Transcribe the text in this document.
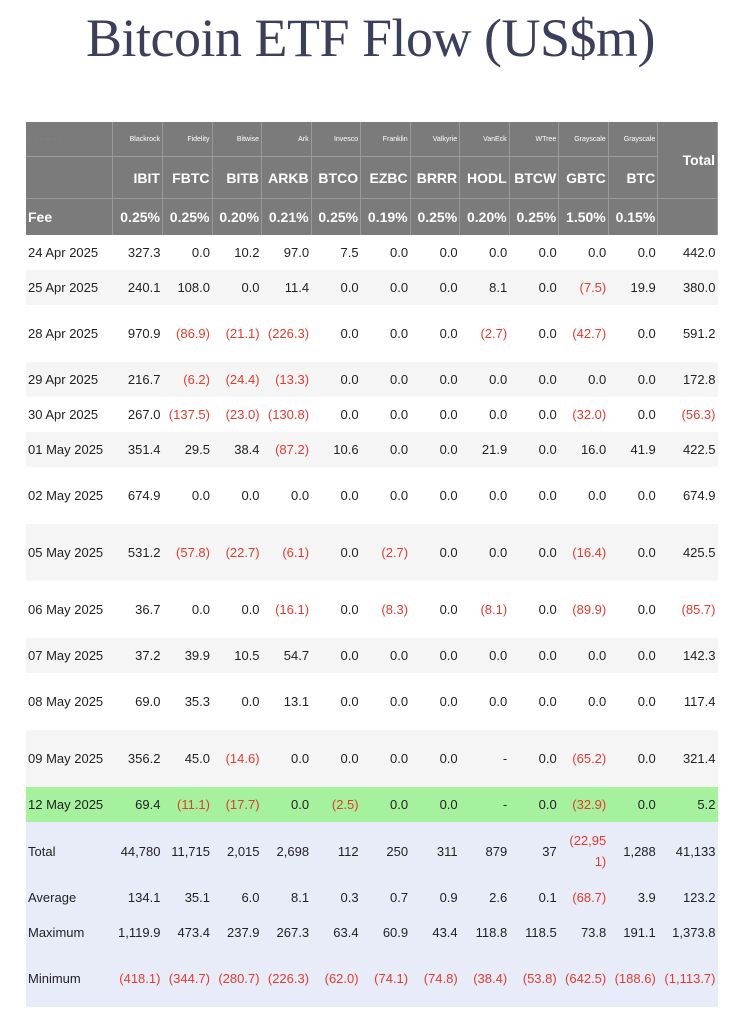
Bitcoin ETF Flow (US$m)
· · · · · ·	Blackrock	Fidelity	Bitwise	Ark	Invesco	Franklin	Valkyrie	VanEck	WTree	Grayscale	Grayscale	Total
	IBIT	FBTC	BITB	ARKB	BTCO	EZBC	BRRR	HODL	BTCW	GBTC	BTC	
Fee	0.25%	0.25%	0.20%	0.21%	0.25%	0.19%	0.25%	0.20%	0.25%	1.50%	0.15%	
24 Apr 2025	327.3	0.0	10.2	97.0	7.5	0.0	0.0	0.0	0.0	0.0	0.0	442.0
25 Apr 2025	240.1	108.0	0.0	11.4	0.0	0.0	0.0	8.1	0.0	(7.5)	19.9	380.0
28 Apr 2025	970.9	(86.9)	(21.1)	(226.3)	0.0	0.0	0.0	(2.7)	0.0	(42.7)	0.0	591.2
29 Apr 2025	216.7	(6.2)	(24.4)	(13.3)	0.0	0.0	0.0	0.0	0.0	0.0	0.0	172.8
30 Apr 2025	267.0	(137.5)	(23.0)	(130.8)	0.0	0.0	0.0	0.0	0.0	(32.0)	0.0	(56.3)
01 May 2025	351.4	29.5	38.4	(87.2)	10.6	0.0	0.0	21.9	0.0	16.0	41.9	422.5
02 May 2025	674.9	0.0	0.0	0.0	0.0	0.0	0.0	0.0	0.0	0.0	0.0	674.9
05 May 2025	531.2	(57.8)	(22.7)	(6.1)	0.0	(2.7)	0.0	0.0	0.0	(16.4)	0.0	425.5
06 May 2025	36.7	0.0	0.0	(16.1)	0.0	(8.3)	0.0	(8.1)	0.0	(89.9)	0.0	(85.7)
07 May 2025	37.2	39.9	10.5	54.7	0.0	0.0	0.0	0.0	0.0	0.0	0.0	142.3
08 May 2025	69.0	35.3	0.0	13.1	0.0	0.0	0.0	0.0	0.0	0.0	0.0	117.4
09 May 2025	356.2	45.0	(14.6)	0.0	0.0	0.0	0.0	-	0.0	(65.2)	0.0	321.4
12 May 2025	69.4	(11.1)	(17.7)	0.0	(2.5)	0.0	0.0	-	0.0	(32.9)	0.0	5.2
Total	44,780	11,715	2,015	2,698	112	250	311	879	37	(22,951)	1,288	41,133
Average	134.1	35.1	6.0	8.1	0.3	0.7	0.9	2.6	0.1	(68.7)	3.9	123.2
Maximum	1,119.9	473.4	237.9	267.3	63.4	60.9	43.4	118.8	118.5	73.8	191.1	1,373.8
Minimum	(418.1)	(344.7)	(280.7)	(226.3)	(62.0)	(74.1)	(74.8)	(38.4)	(53.8)	(642.5)	(188.6)	(1,113.7)
